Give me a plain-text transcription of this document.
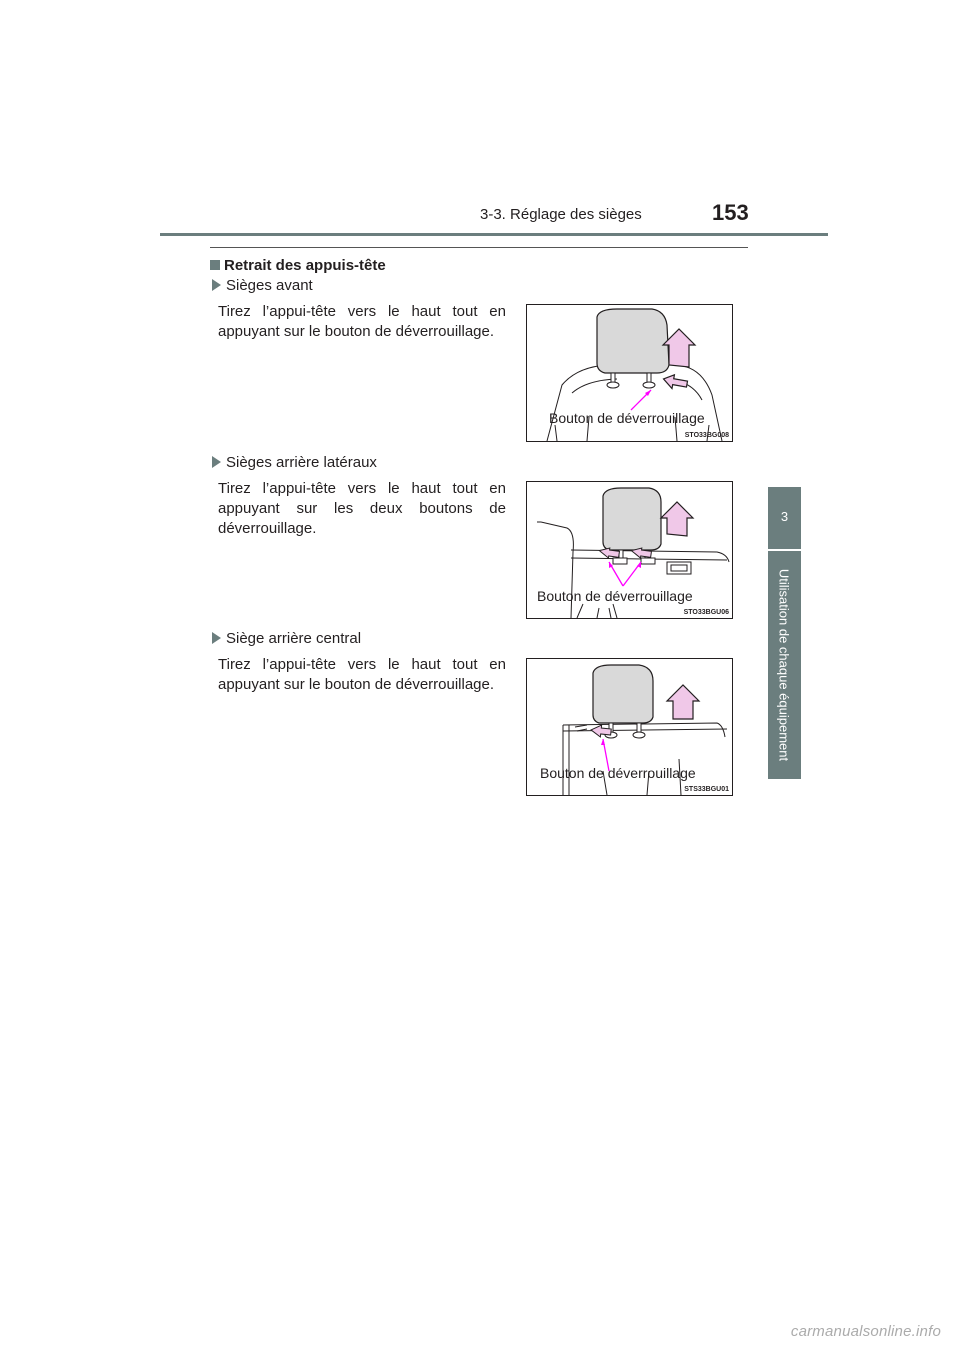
3-3. Réglage des sièges	153
3
Utilisation de chaque équipement
Retrait des appuis-tête
Sièges avant
Tirez l’appui-tête vers le haut tout en appuyant sur le bouton de déverrouillage.
Bouton de déverrouillage
STO33BG008
Sièges arrière latéraux
Tirez l’appui-tête vers le haut tout en appuyant sur les deux boutons de déverrouillage.
Bouton de déverrouillage
STO33BGU06
Siège arrière central
Tirez l’appui-tête vers le haut tout en appuyant sur le bouton de déverrouillage.
Bouton de déverrouillage
STS33BGU01
carmanualsonline.info
